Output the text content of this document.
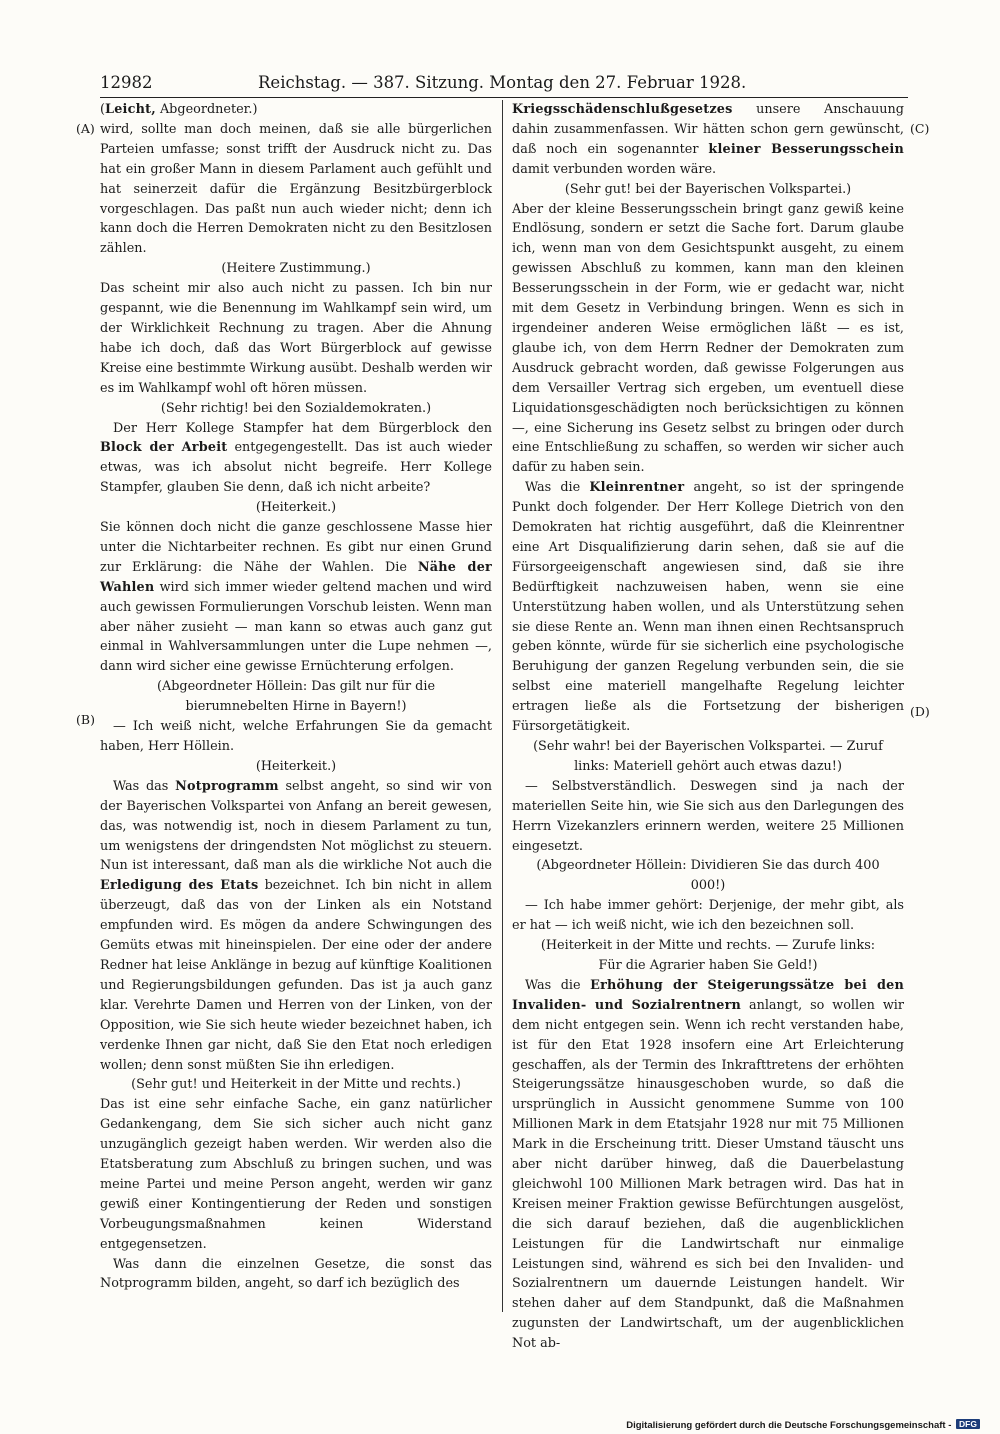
12982	Reichstag. — 387. Sitzung. Montag den 27. Februar 1928.
(A)
(B)
(C)
(D)

(Leicht, Abgeordneter.)

wird, sollte man doch meinen, daß sie alle bürgerlichen Parteien umfasse; sonst trifft der Ausdruck nicht zu. Das hat ein großer Mann in diesem Parlament auch gefühlt und hat seinerzeit dafür die Ergänzung Besitzbürgerblock vorgeschlagen. Das paßt nun auch wieder nicht; denn ich kann doch die Herren Demokraten nicht zu den Besitzlosen zählen.

(Heitere Zustimmung.)

Das scheint mir also auch nicht zu passen. Ich bin nur gespannt, wie die Benennung im Wahlkampf sein wird, um der Wirklichkeit Rechnung zu tragen. Aber die Ahnung habe ich doch, daß das Wort Bürgerblock auf gewisse Kreise eine bestimmte Wirkung ausübt. Deshalb werden wir es im Wahlkampf wohl oft hören müssen.

(Sehr richtig! bei den Sozialdemokraten.)

Der Herr Kollege Stampfer hat dem Bürgerblock den Block der Arbeit entgegengestellt. Das ist auch wieder etwas, was ich absolut nicht begreife. Herr Kollege Stampfer, glauben Sie denn, daß ich nicht arbeite?

(Heiterkeit.)

Sie können doch nicht die ganze geschlossene Masse hier unter die Nichtarbeiter rechnen. Es gibt nur einen Grund zur Erklärung: die Nähe der Wahlen. Die Nähe der Wahlen wird sich immer wieder geltend machen und wird auch gewissen Formulierungen Vorschub leisten. Wenn man aber näher zusieht — man kann so etwas auch ganz gut einmal in Wahlversammlungen unter die Lupe nehmen —, dann wird sicher eine gewisse Ernüchterung erfolgen.

(Abgeordneter Höllein: Das gilt nur für die bierumnebelten Hirne in Bayern!)

— Ich weiß nicht, welche Erfahrungen Sie da gemacht haben, Herr Höllein.

(Heiterkeit.)

Was das Notprogramm selbst angeht, so sind wir von der Bayerischen Volkspartei von Anfang an bereit gewesen, das, was notwendig ist, noch in diesem Parlament zu tun, um wenigstens der dringendsten Not möglichst zu steuern. Nun ist interessant, daß man als die wirkliche Not auch die Erledigung des Etats bezeichnet. Ich bin nicht in allem überzeugt, daß das von der Linken als ein Notstand empfunden wird. Es mögen da andere Schwingungen des Gemüts etwas mit hineinspielen. Der eine oder der andere Redner hat leise Anklänge in bezug auf künftige Koalitionen und Regierungsbildungen gefunden. Das ist ja auch ganz klar. Verehrte Damen und Herren von der Linken, von der Opposition, wie Sie sich heute wieder bezeichnet haben, ich verdenke Ihnen gar nicht, daß Sie den Etat noch erledigen wollen; denn sonst müßten Sie ihn erledigen.

(Sehr gut! und Heiterkeit in der Mitte und rechts.)

Das ist eine sehr einfache Sache, ein ganz natürlicher Gedankengang, dem Sie sich sicher auch nicht ganz unzugänglich gezeigt haben werden. Wir werden also die Etatsberatung zum Abschluß zu bringen suchen, und was meine Partei und meine Person angeht, werden wir ganz gewiß einer Kontingentierung der Reden und sonstigen Vorbeugungsmaßnahmen keinen Widerstand entgegensetzen.

Was dann die einzelnen Gesetze, die sonst das Notprogramm bilden, angeht, so darf ich bezüglich des

Kriegsschädenschlußgesetzes unsere Anschauung dahin zusammenfassen. Wir hätten schon gern gewünscht, daß noch ein sogenannter kleiner Besserungsschein damit verbunden worden wäre.

(Sehr gut! bei der Bayerischen Volkspartei.)

Aber der kleine Besserungsschein bringt ganz gewiß keine Endlösung, sondern er setzt die Sache fort. Darum glaube ich, wenn man von dem Gesichtspunkt ausgeht, zu einem gewissen Abschluß zu kommen, kann man den kleinen Besserungsschein in der Form, wie er gedacht war, nicht mit dem Gesetz in Verbindung bringen. Wenn es sich in irgendeiner anderen Weise ermöglichen läßt — es ist, glaube ich, von dem Herrn Redner der Demokraten zum Ausdruck gebracht worden, daß gewisse Folgerungen aus dem Versailler Vertrag sich ergeben, um eventuell diese Liquidationsgeschädigten noch berücksichtigen zu können —, eine Sicherung ins Gesetz selbst zu bringen oder durch eine Entschließung zu schaffen, so werden wir sicher auch dafür zu haben sein.

Was die Kleinrentner angeht, so ist der springende Punkt doch folgender. Der Herr Kollege Dietrich von den Demokraten hat richtig ausgeführt, daß die Kleinrentner eine Art Disqualifizierung darin sehen, daß sie auf die Fürsorgeeigenschaft angewiesen sind, daß sie ihre Bedürftigkeit nachzuweisen haben, wenn sie eine Unterstützung haben wollen, und als Unterstützung sehen sie diese Rente an. Wenn man ihnen einen Rechtsanspruch geben könnte, würde für sie sicherlich eine psychologische Beruhigung der ganzen Regelung verbunden sein, die sie selbst eine materiell mangelhafte Regelung leichter ertragen ließe als die Fortsetzung der bisherigen Fürsorgetätigkeit.

(Sehr wahr! bei der Bayerischen Volkspartei. — Zuruf links: Materiell gehört auch etwas dazu!)

— Selbstverständlich. Deswegen sind ja nach der materiellen Seite hin, wie Sie sich aus den Darlegungen des Herrn Vizekanzlers erinnern werden, weitere 25 Millionen eingesetzt.

(Abgeordneter Höllein: Dividieren Sie das durch 400 000!)

— Ich habe immer gehört: Derjenige, der mehr gibt, als er hat — ich weiß nicht, wie ich den bezeichnen soll.

(Heiterkeit in der Mitte und rechts. — Zurufe links: Für die Agrarier haben Sie Geld!)

Was die Erhöhung der Steigerungssätze bei den Invaliden- und Sozialrentnern anlangt, so wollen wir dem nicht entgegen sein. Wenn ich recht verstanden habe, ist für den Etat 1928 insofern eine Art Erleichterung geschaffen, als der Termin des Inkrafttretens der erhöhten Steigerungssätze hinausgeschoben wurde, so daß die ursprünglich in Aussicht genommene Summe von 100 Millionen Mark in dem Etatsjahr 1928 nur mit 75 Millionen Mark in die Erscheinung tritt. Dieser Umstand täuscht uns aber nicht darüber hinweg, daß die Dauerbelastung gleichwohl 100 Millionen Mark betragen wird. Das hat in Kreisen meiner Fraktion gewisse Befürchtungen ausgelöst, die sich darauf beziehen, daß die augenblicklichen Leistungen für die Landwirtschaft nur einmalige Leistungen sind, während es sich bei den Invaliden- und Sozialrentnern um dauernde Leistungen handelt. Wir stehen daher auf dem Standpunkt, daß die Maßnahmen zugunsten der Landwirtschaft, um der augenblicklichen Not ab-

Digitalisierung gefördert durch die Deutsche Forschungsgemeinschaft - DFG
